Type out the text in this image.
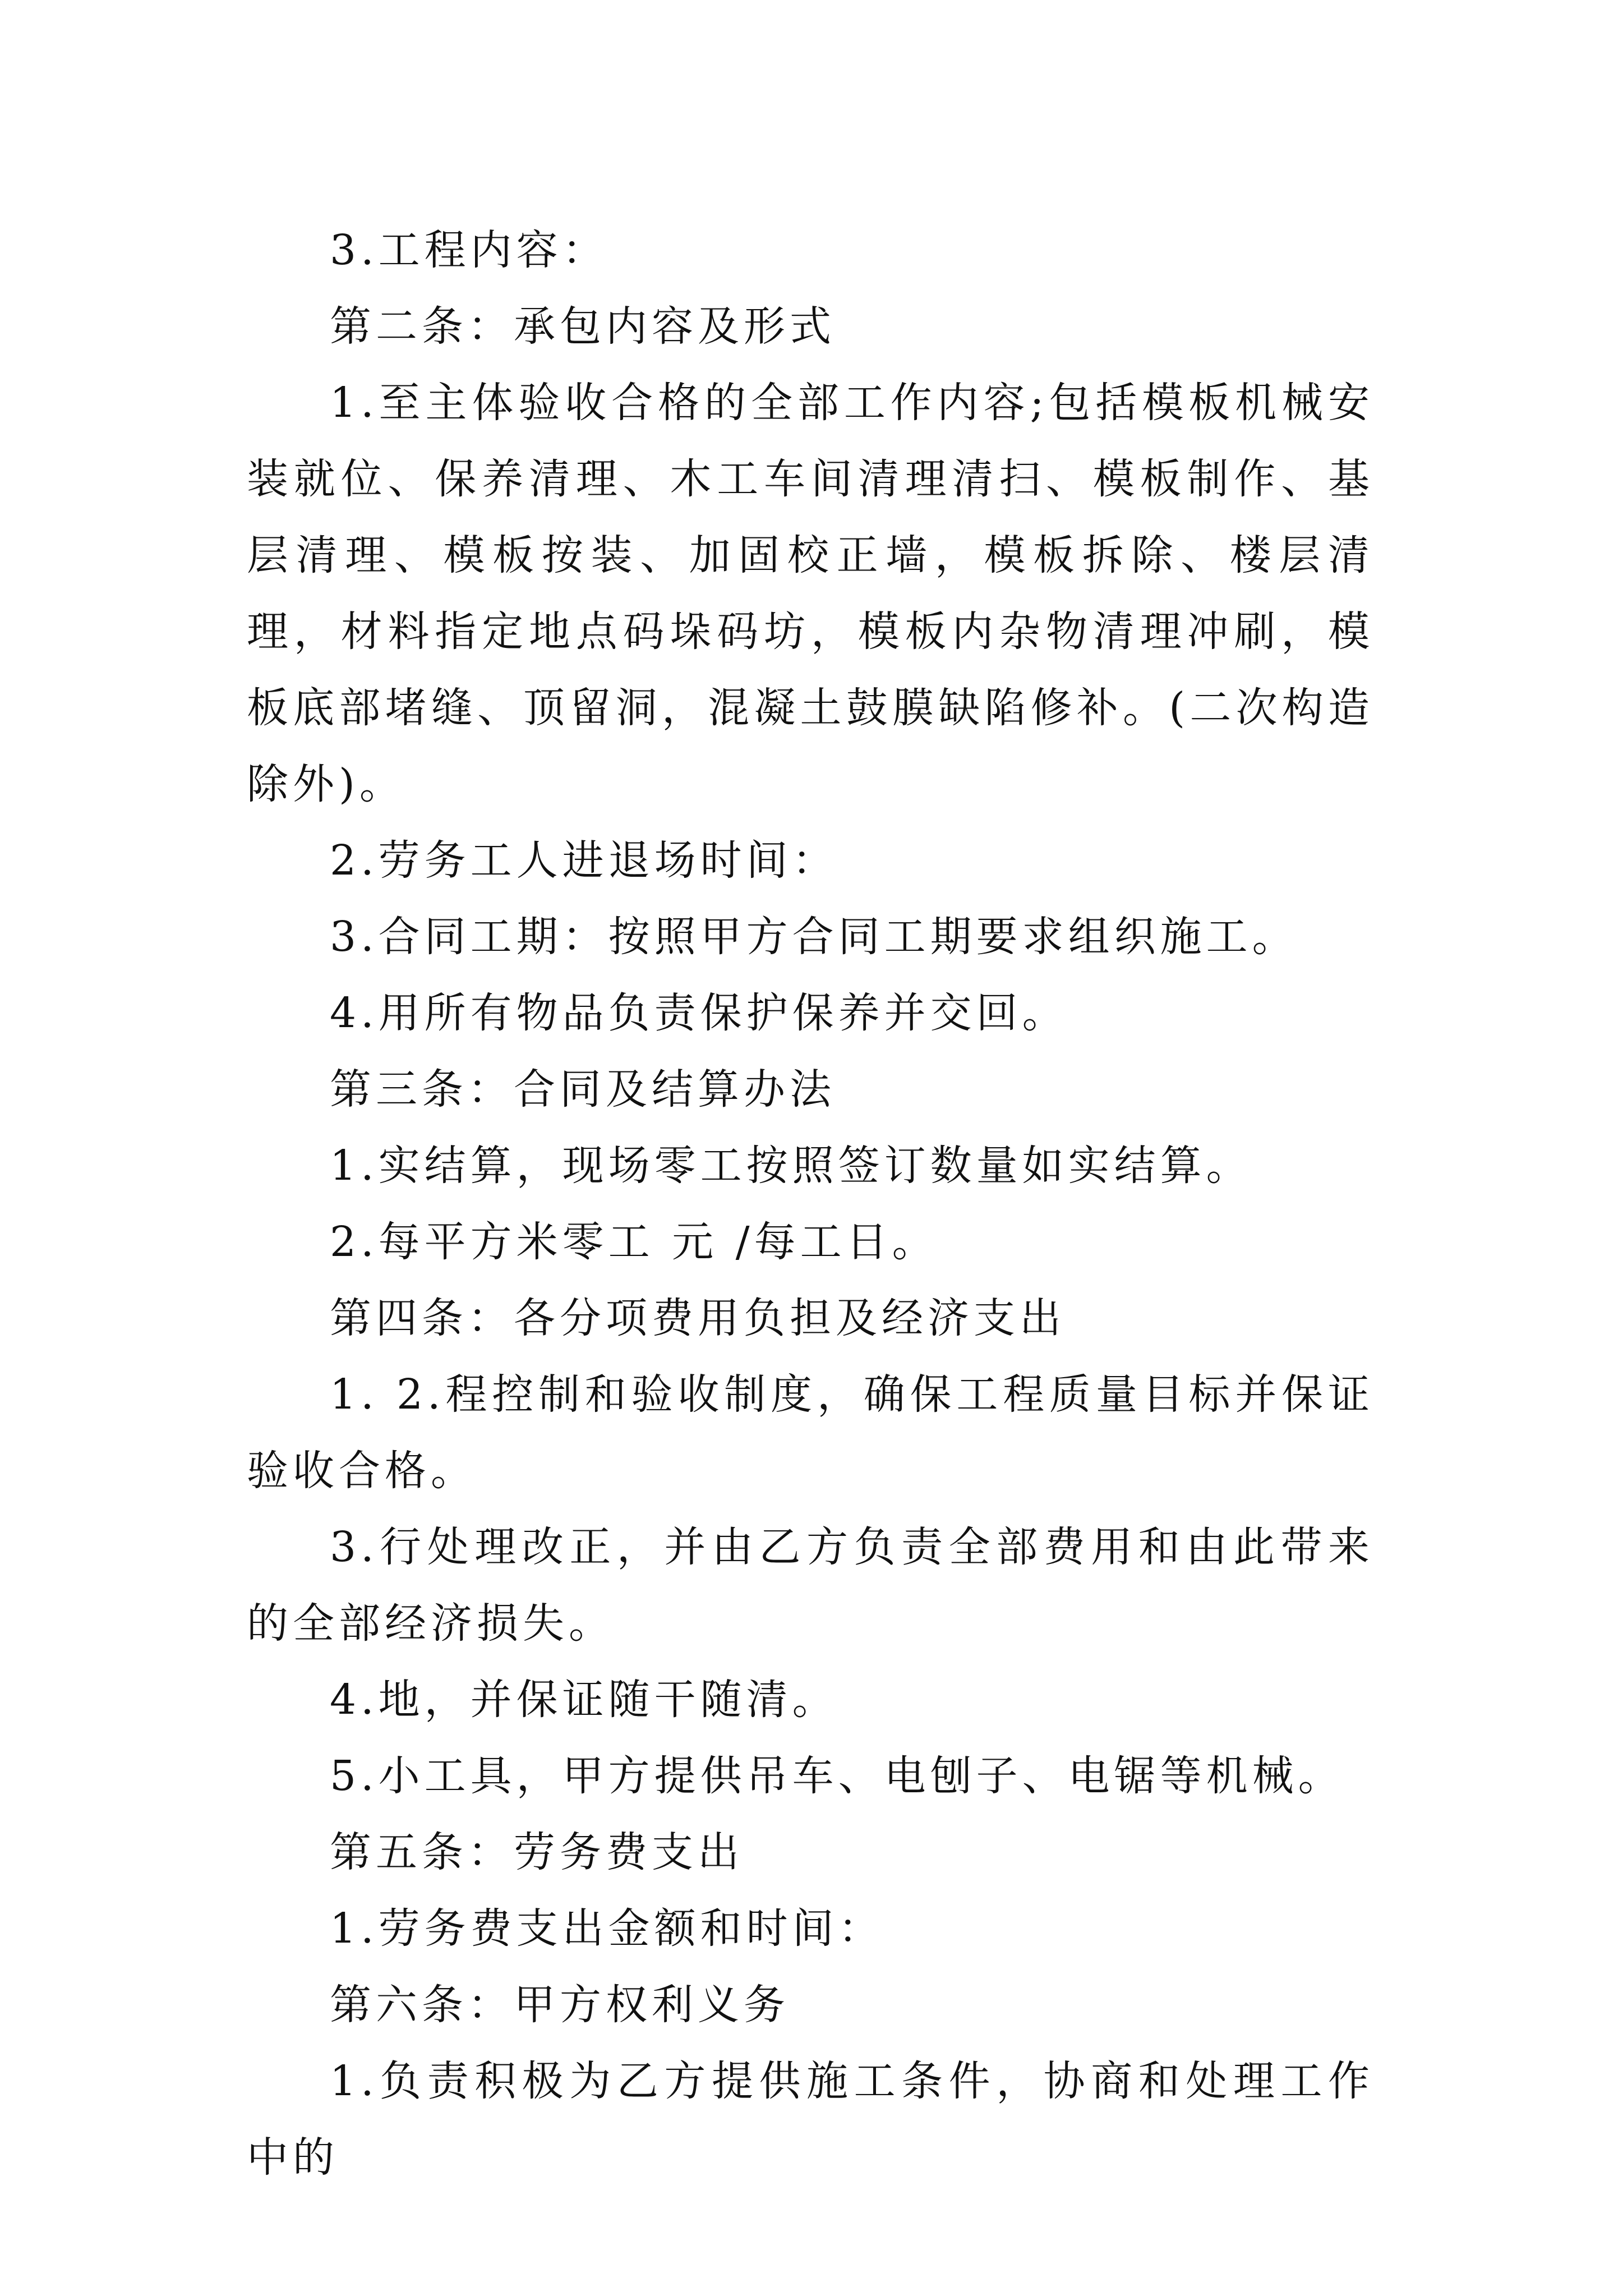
3.工程内容：

第二条：承包内容及形式

1.至主体验收合格的全部工作内容;包括模板机械安装就位、保养清理、木工车间清理清扫、模板制作、基层清理、模板按装、加固校正墙，模板拆除、楼层清理，材料指定地点码垛码坊，模板内杂物清理冲刷，模板底部堵缝、顶留洞，混凝土鼓膜缺陷修补。(二次构造除外)。

2.劳务工人进退场时间：

3.合同工期：按照甲方合同工期要求组织施工。

4.用所有物品负责保护保养并交回。

第三条：合同及结算办法

1.实结算，现场零工按照签订数量如实结算。

2.每平方米零工 元 /每工日。

第四条：各分项费用负担及经济支出

1. 2.程控制和验收制度，确保工程质量目标并保证验收合格。

3.行处理改正，并由乙方负责全部费用和由此带来的全部经济损失。

4.地，并保证随干随清。

5.小工具，甲方提供吊车、电刨子、电锯等机械。

第五条：劳务费支出

1.劳务费支出金额和时间：

第六条：甲方权利义务

1.负责积极为乙方提供施工条件，协商和处理工作中的
